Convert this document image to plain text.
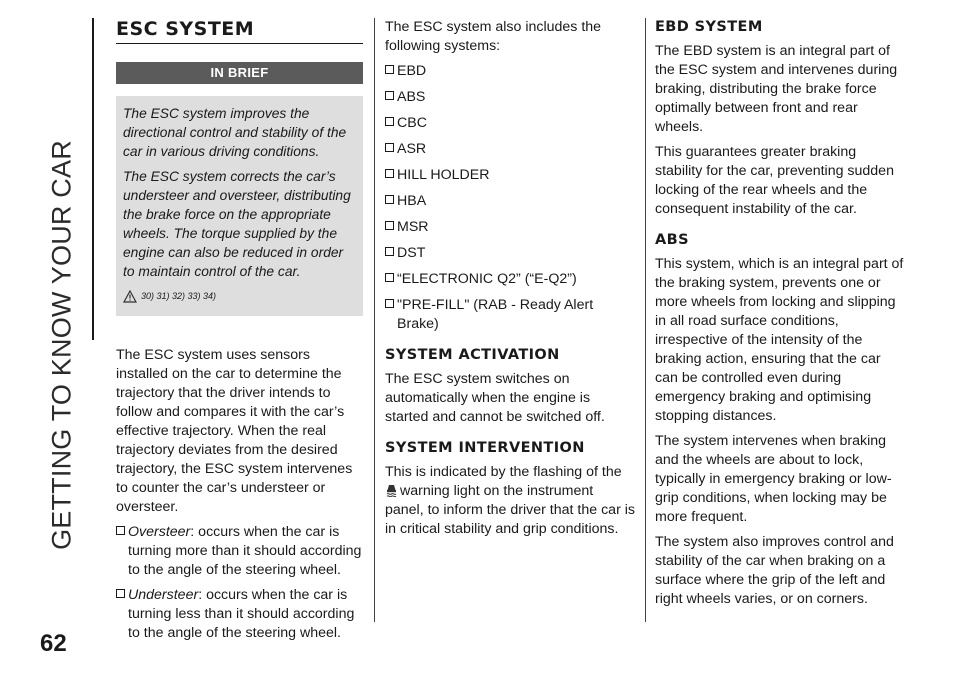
GETTING TO KNOW YOUR CAR
62
ESC SYSTEM
IN BRIEF

The ESC system improves the directional control and stability of the car in various driving conditions.

The ESC system corrects the car’s understeer and oversteer, distributing the brake force on the appropriate wheels. The torque supplied by the engine can also be reduced in order to maintain control of the car.

30) 31) 32) 33) 34)

The ESC system uses sensors installed on the car to determine the trajectory that the driver intends to follow and compares it with the car’s effective trajectory. When the real trajectory deviates from the desired trajectory, the ESC system intervenes to counter the car’s understeer or oversteer.

Oversteer: occurs when the car is turning more than it should according to the angle of the steering wheel.
Understeer: occurs when the car is turning less than it should according to the angle of the steering wheel.

The ESC system also includes the following systems:

EBD
ABS
CBC
ASR
HILL HOLDER
HBA
MSR
DST
“ELECTRONIC Q2” (“E-Q2”)
"PRE-FILL" (RAB - Ready Alert Brake)
SYSTEM ACTIVATION

The ESC system switches on automatically when the engine is started and cannot be switched off.

SYSTEM INTERVENTION

This is indicated by the flashing of the
warning light on the instrument panel, to inform the driver that the car is in critical stability and grip conditions.

EBD SYSTEM

The EBD system is an integral part of the ESC system and intervenes during braking, distributing the brake force optimally between front and rear wheels.

This guarantees greater braking stability for the car, preventing sudden locking of the rear wheels and the consequent instability of the car.

ABS

This system, which is an integral part of the braking system, prevents one or more wheels from locking and slipping in all road surface conditions, irrespective of the intensity of the braking action, ensuring that the car can be controlled even during emergency braking and optimising stopping distances.

The system intervenes when braking and the wheels are about to lock, typically in emergency braking or low-grip conditions, when locking may be more frequent.

The system also improves control and stability of the car when braking on a surface where the grip of the left and right wheels varies, or on corners.
